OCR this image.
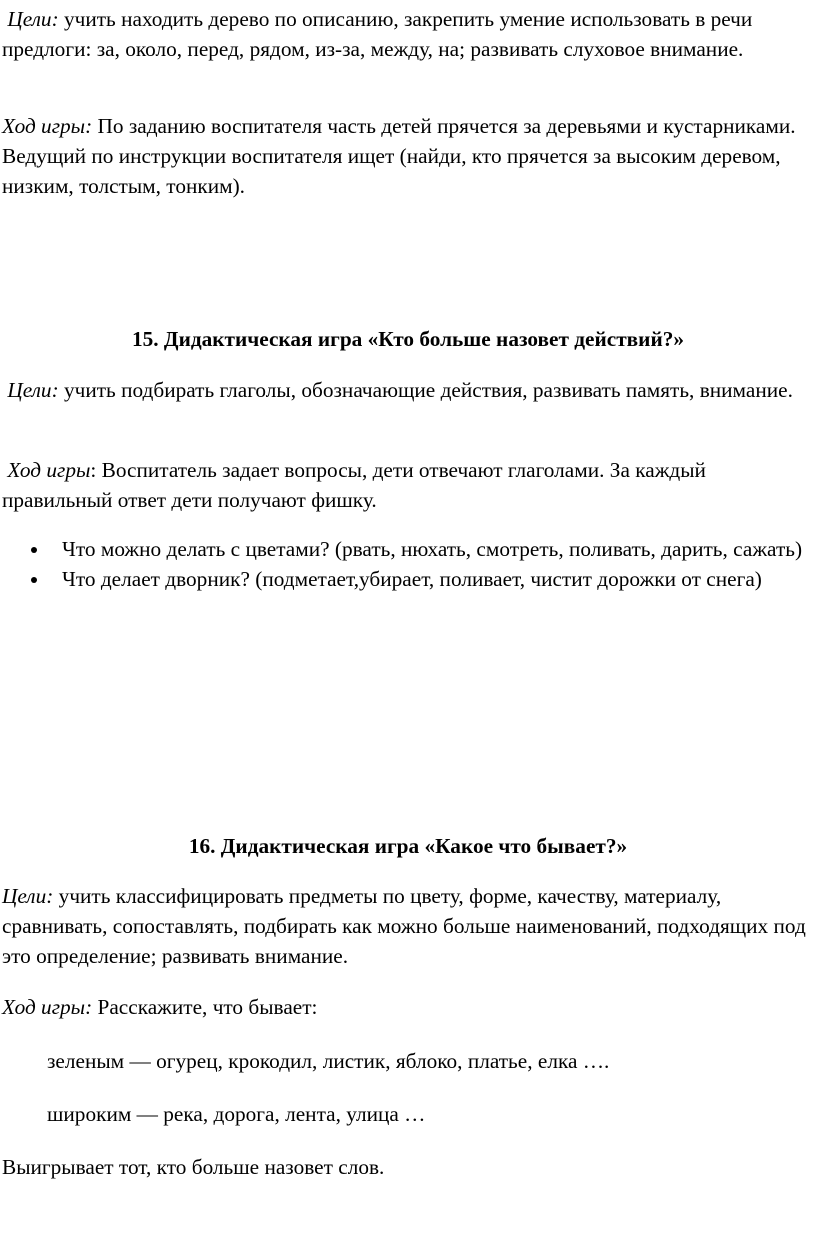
Цели: учить находить дерево по описанию, закрепить умение использовать в речи предлоги: за, около, перед, рядом, из-за, между, на; развивать слуховое внимание.

Ход игры: По заданию воспитателя часть детей прячется за деревьями и кустарниками. Ведущий по инструкции воспитателя ищет (найди, кто прячется за высоким деревом, низким, толстым, тонким).

15. Дидактическая игра «Кто больше назовет действий?»

Цели: учить подбирать глаголы, обозначающие действия, развивать память, внимание.

Ход игры: Воспитатель задает вопросы, дети отвечают глаголами. За каждый правильный ответ дети получают фишку.

Что можно делать с цветами? (рвать, нюхать, смотреть, поливать, дарить, сажать)
Что делает дворник? (подметает,убирает, поливает, чистит дорожки от снега)
16. Дидактическая игра «Какое что бывает?»

Цели: учить классифицировать предметы по цвету, форме, качеству, материалу, сравнивать, сопоставлять, подбирать как можно больше наименований, подходящих под это определение; развивать внимание.

Ход игры: Расскажите, что бывает:

зеленым — огурец, крокодил, листик, яблоко, платье, елка ….

широким — река, дорога, лента, улица …

Выигрывает тот, кто больше назовет слов.
